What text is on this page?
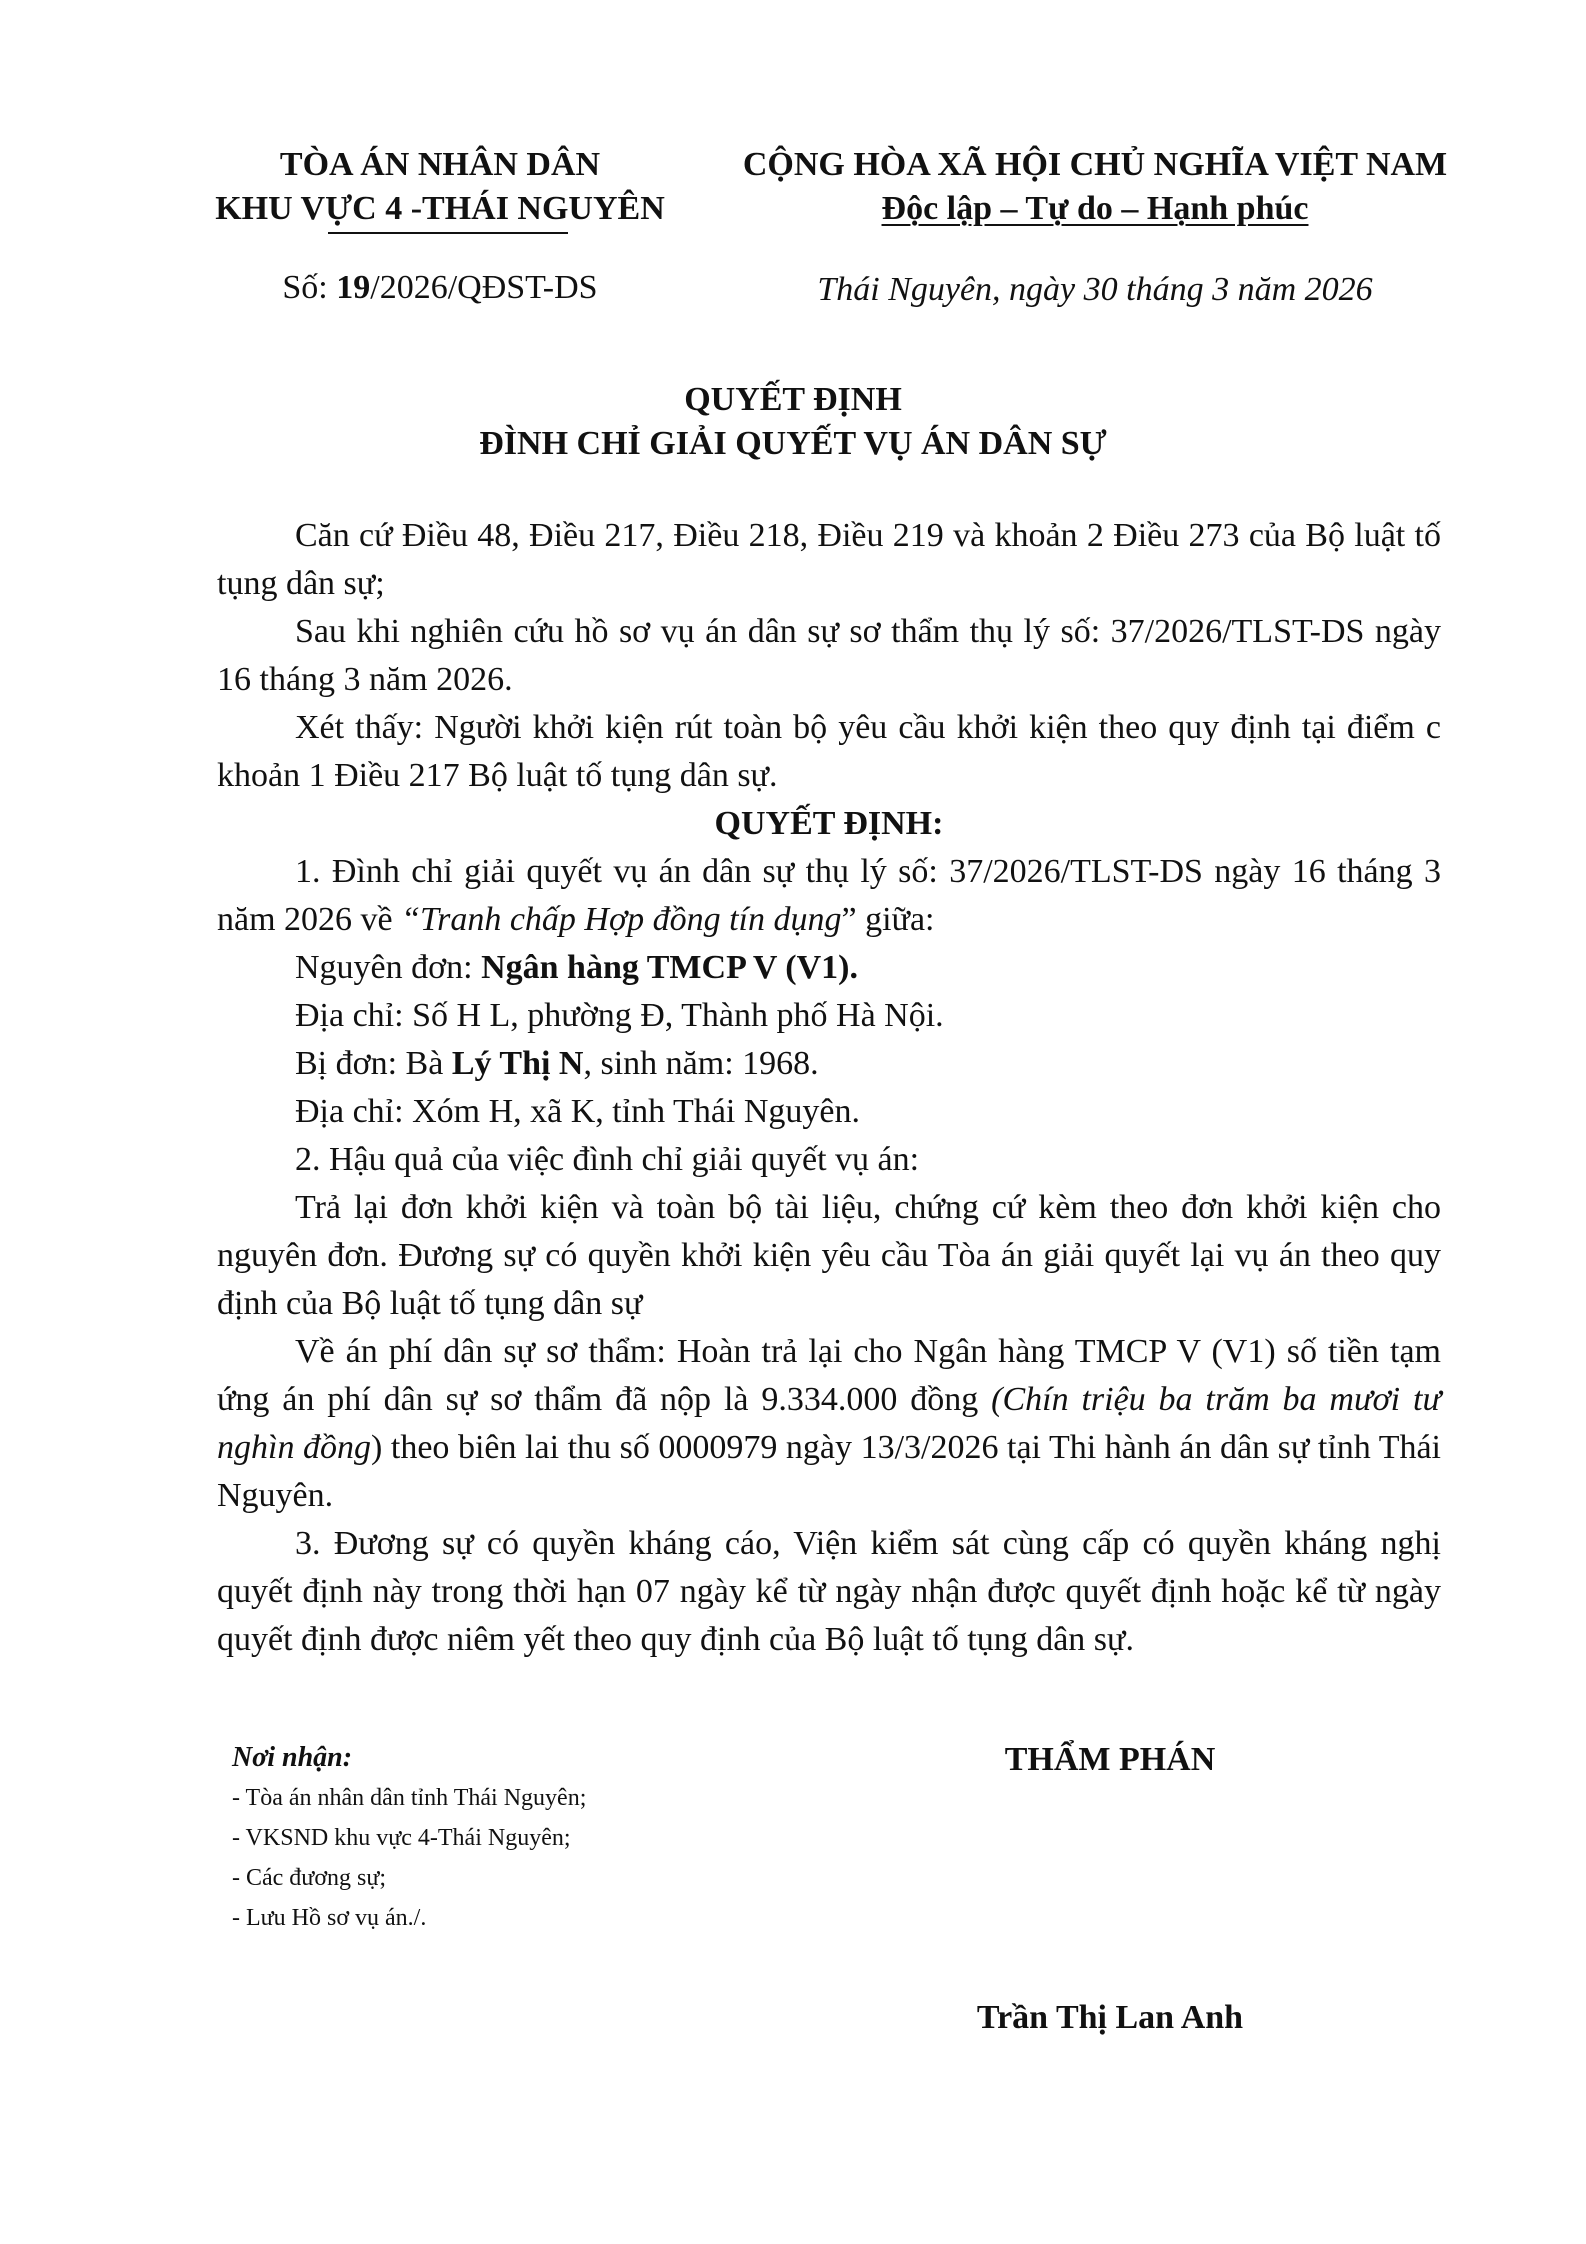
TÒA ÁN NHÂN DÂN
KHU VỰC 4 -THÁI NGUYÊN
CỘNG HÒA XÃ HỘI CHỦ NGHĨA VIỆT NAM
Độc lập – Tự do – Hạnh phúc
Số: 19/2026/QĐST-DS	Thái Nguyên, ngày 30 tháng 3 năm 2026
QUYẾT ĐỊNH
ĐÌNH CHỈ GIẢI QUYẾT VỤ ÁN DÂN SỰ

Căn cứ Điều 48, Điều 217, Điều 218, Điều 219 và khoản 2 Điều 273 của Bộ luật tố tụng dân sự;

Sau khi nghiên cứu hồ sơ vụ án dân sự sơ thẩm thụ lý số: 37/2026/TLST-DS ngày 16 tháng 3 năm 2026.

Xét thấy: Người khởi kiện rút toàn bộ yêu cầu khởi kiện theo quy định tại điểm c khoản 1 Điều 217 Bộ luật tố tụng dân sự.

QUYẾT ĐỊNH:

1. Đình chỉ giải quyết vụ án dân sự thụ lý số: 37/2026/TLST-DS ngày 16 tháng 3 năm 2026 về “Tranh chấp Hợp đồng tín dụng” giữa:

Nguyên đơn: Ngân hàng TMCP V (V1).

Địa chỉ: Số H L, phường Đ, Thành phố Hà Nội.

Bị đơn: Bà Lý Thị N, sinh năm: 1968.

Địa chỉ: Xóm H, xã K, tỉnh Thái Nguyên.

2. Hậu quả của việc đình chỉ giải quyết vụ án:

Trả lại đơn khởi kiện và toàn bộ tài liệu, chứng cứ kèm theo đơn khởi kiện cho nguyên đơn. Đương sự có quyền khởi kiện yêu cầu Tòa án giải quyết lại vụ án theo quy định của Bộ luật tố tụng dân sự

Về án phí dân sự sơ thẩm: Hoàn trả lại cho Ngân hàng TMCP V (V1) số tiền tạm ứng án phí dân sự sơ thẩm đã nộp là 9.334.000 đồng (Chín triệu ba trăm ba mươi tư nghìn đồng) theo biên lai thu số 0000979 ngày 13/3/2026 tại Thi hành án dân sự tỉnh Thái Nguyên.

3. Đương sự có quyền kháng cáo, Viện kiểm sát cùng cấp có quyền kháng nghị quyết định này trong thời hạn 07 ngày kể từ ngày nhận được quyết định hoặc kể từ ngày quyết định được niêm yết theo quy định của Bộ luật tố tụng dân sự.

Nơi nhận:
- Tòa án nhân dân tỉnh Thái Nguyên;
- VKSND khu vực 4-Thái Nguyên;
- Các đương sự;
- Lưu Hồ sơ vụ án./.
THẨM PHÁN
Trần Thị Lan Anh
